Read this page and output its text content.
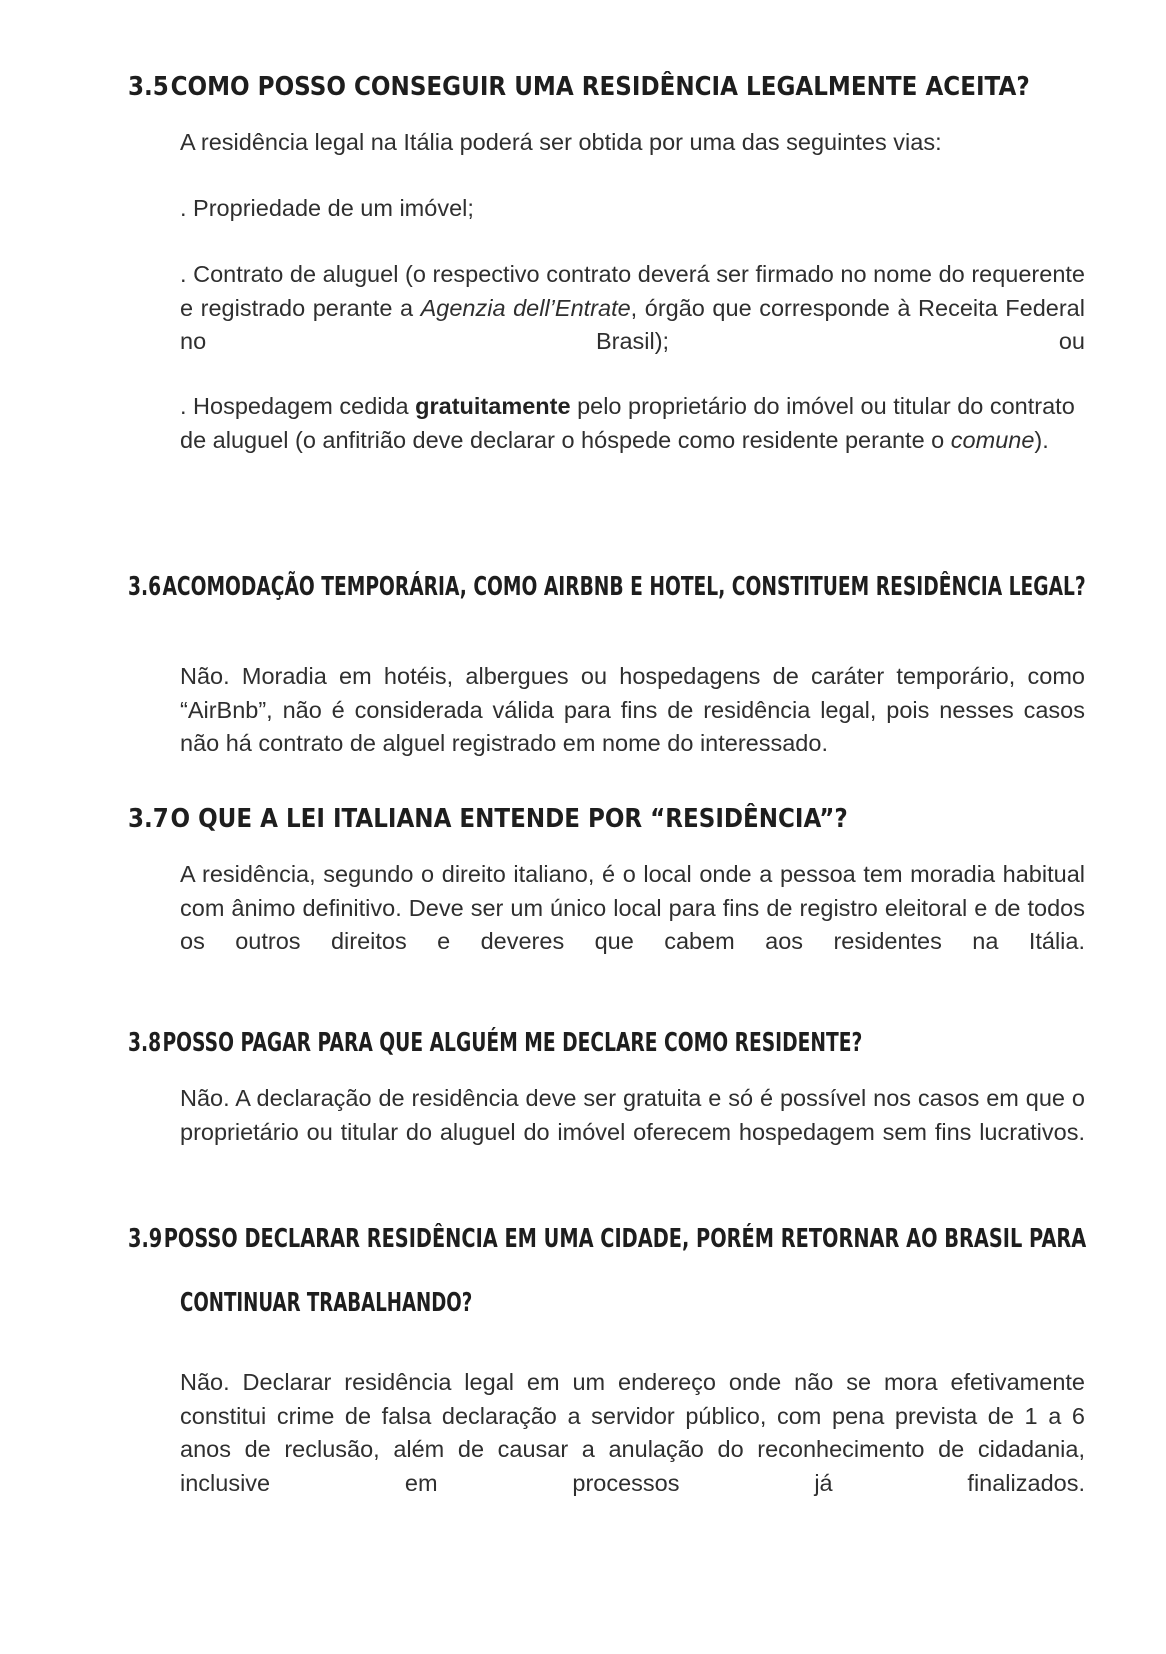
3.5COMO POSSO CONSEGUIR UMA RESIDÊNCIA LEGALMENTE ACEITA?

A residência legal na Itália poderá ser obtida por uma das seguintes vias:

. Propriedade de um imóvel;

. Contrato de aluguel (o respectivo contrato deverá ser firmado no nome do requerente e registrado perante a Agenzia dell’Entrate, órgão que corresponde à Receita Federal no Brasil); ou

. Hospedagem cedida gratuitamente pelo proprietário do imóvel ou titular do contrato de aluguel (o anfitrião deve declarar o hóspede como residente perante o comune).

3.6ACOMODAÇÃO TEMPORÁRIA, COMO AIRBNB E HOTEL, CONSTITUEM RESIDÊNCIA LEGAL?

Não. Moradia em hotéis, albergues ou hospedagens de caráter temporário, como “AirBnb”, não é considerada válida para fins de residência legal, pois nesses casos não há contrato de alguel registrado em nome do interessado.

3.7O QUE A LEI ITALIANA ENTENDE POR “RESIDÊNCIA”?

A residência, segundo o direito italiano, é o local onde a pessoa tem moradia habitual com ânimo definitivo. Deve ser um único local para fins de registro eleitoral e de todos os outros direitos e deveres que cabem aos residentes na Itália.

3.8POSSO PAGAR PARA QUE ALGUÉM ME DECLARE COMO RESIDENTE?

Não. A declaração de residência deve ser gratuita e só é possível nos casos em que o proprietário ou titular do aluguel do imóvel oferecem hospedagem sem fins lucrativos.

3.9POSSO DECLARAR RESIDÊNCIA EM UMA CIDADE, PORÉM RETORNAR AO BRASIL PARA
CONTINUAR TRABALHANDO?

Não. Declarar residência legal em um endereço onde não se mora efetivamente constitui crime de falsa declaração a servidor público, com pena prevista de 1 a 6 anos de reclusão, além de causar a anulação do reconhecimento de cidadania, inclusive em processos já finalizados.
